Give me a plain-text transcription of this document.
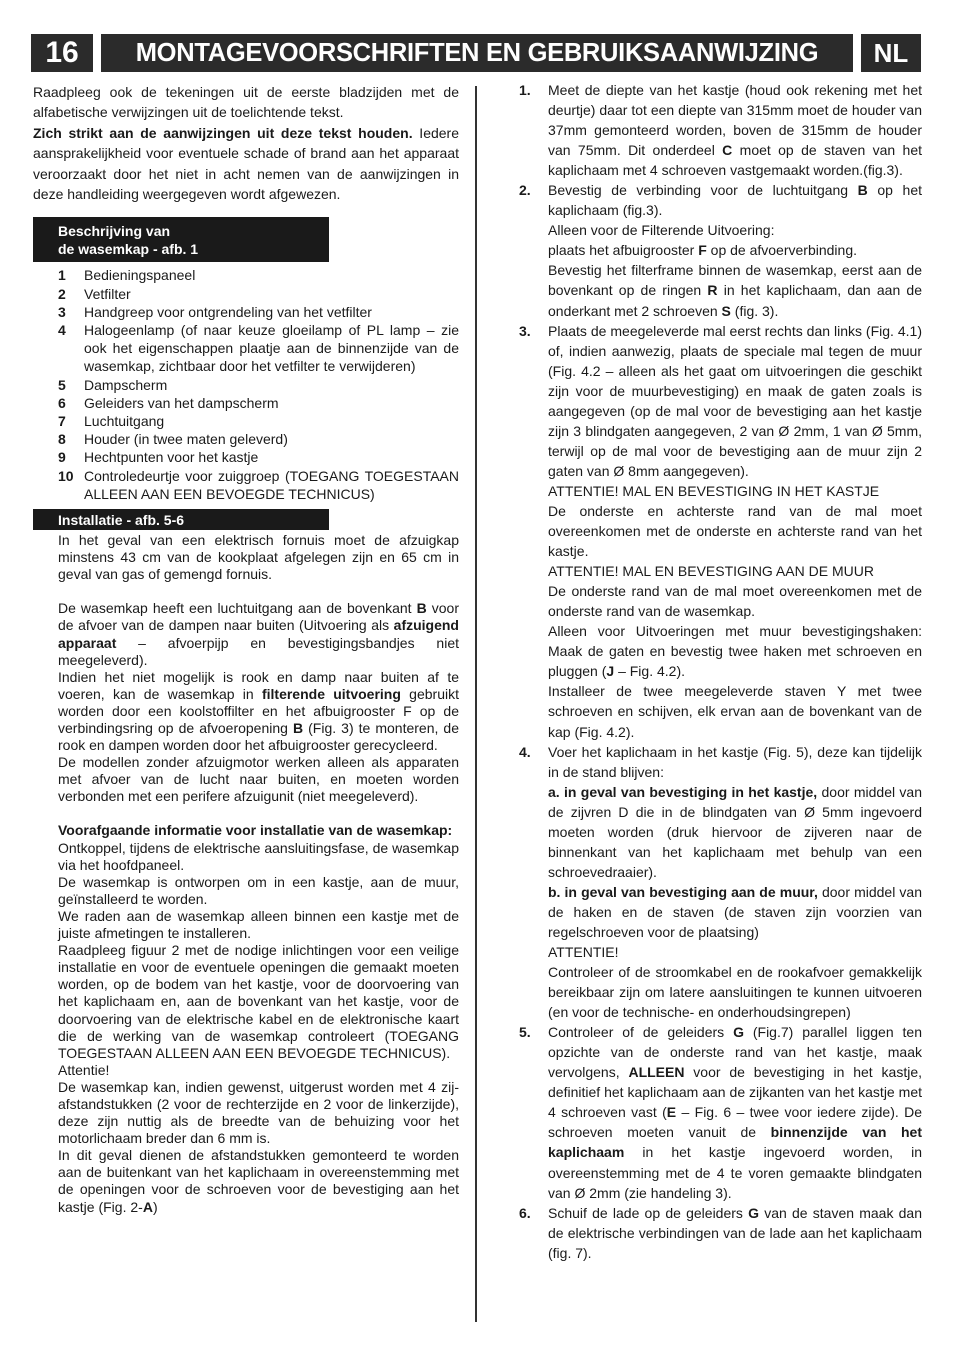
16 MONTAGEVOORSCHRIFTEN EN GEBRUIKSAANWIJZING NL

Raadpleeg ook de tekeningen uit de eerste bladzijden met de alfabetische verwijzingen uit de toelichtende tekst.

Zich strikt aan de aanwijzingen uit deze tekst houden. Iedere aansprakelijkheid voor eventuele schade of brand aan het apparaat veroorzaakt door het niet in acht nemen van de aanwijzingen in deze handleiding weergegeven wordt afgewezen.

Beschrijving van
de wasemkap - afb. 1
1	Bedieningspaneel
2	Vetfilter
3	Handgreep voor ontgrendeling van het vetfilter
4	Halogeenlamp (of naar keuze gloeilamp of PL lamp – zie ook het eigenschappen plaatje aan de binnenzijde van de wasemkap, zichtbaar door het vetfilter te verwijderen)
5	Dampscherm
6	Geleiders van het dampscherm
7	Luchtuitgang
8	Houder (in twee maten geleverd)
9	Hechtpunten voor het kastje
10 Controledeurtje voor zuiggroep (TOEGANG TOEGESTAAN ALLEEN AAN EEN BEVOEGDE TECHNICUS)
Installatie - afb. 5-6

In het geval van een elektrisch fornuis moet de afzuigkap minstens 43 cm van de kookplaat afgelegen zijn en 65 cm in geval van gas of gemengd fornuis.

De wasemkap heeft een luchtuitgang aan de bovenkant B voor de afvoer van de dampen naar buiten (Uitvoering als afzuigend apparaat – afvoerpijp en bevestigingsbandjes niet meegeleverd).

Indien het niet mogelijk is rook en damp naar buiten af te voeren, kan de wasemkap in filterende uitvoering gebruikt worden door een koolstoffilter en het afbuigrooster F op de verbindingsring op de afvoeropening B (Fig. 3) te monteren, de rook en dampen worden door het afbuigrooster gerecycleerd.

De modellen zonder afzuigmotor werken alleen als apparaten met afvoer van de lucht naar buiten, en moeten worden verbonden met een perifere afzuigunit (niet meegeleverd).

Voorafgaande informatie voor installatie van de wasemkap:

Ontkoppel, tijdens de elektrische aansluitingsfase, de wasemkap via het hoofdpaneel.

De wasemkap is ontworpen om in een kastje, aan de muur, geïnstalleerd te worden.

We raden aan de wasemkap alleen binnen een kastje met de juiste afmetingen te installeren.

Raadpleeg figuur 2 met de nodige inlichtingen voor een veilige installatie en voor de eventuele openingen die gemaakt moeten worden, op de bodem van het kastje, voor de doorvoering van het kaplichaam en, aan de bovenkant van het kastje, voor de doorvoering van de elektrische kabel en de elektronische kaart die de werking van de wasemkap controleert (TOEGANG TOEGESTAAN ALLEEN AAN EEN BEVOEGDE TECHNICUS).

Attentie!

De wasemkap kan, indien gewenst, uitgerust worden met 4 zij- afstandstukken (2 voor de rechterzijde en 2 voor de linkerzijde), deze zijn nuttig als de breedte van de behuizing voor het motorlichaam breder dan 6 mm is.

In dit geval dienen de afstandstukken gemonteerd te worden aan de buitenkant van het kaplichaam in overeenstemming met de openingen voor de schroeven voor de bevestiging aan het kastje (Fig. 2-A)

1.	Meet de diepte van het kastje (houd ook rekening met het deurtje) daar tot een diepte van 315mm moet de houder van 37mm gemonteerd worden, boven de 315mm de houder van 75mm. Dit onderdeel C moet op de staven van het kaplichaam met 4 schroeven vastgemaakt worden.(fig.3).
2.	Bevestig de verbinding voor de luchtuitgang B op het kaplichaam (fig.3).

Alleen voor de Filterende Uitvoering:

plaats het afbuigrooster F op de afvoerverbinding.

Bevestig het filterframe binnen de wasemkap, eerst aan de bovenkant op de ringen R in het kaplichaam, dan aan de onderkant met 2 schroeven S (fig. 3).

3.	Plaats de meegeleverde mal eerst rechts dan links (Fig. 4.1) of, indien aanwezig, plaats de speciale mal tegen de muur (Fig. 4.2 – alleen als het gaat om uitvoeringen die geschikt zijn voor de muurbevestiging) en maak de gaten zoals is aangegeven (op de mal voor de bevestiging aan het kastje zijn 3 blindgaten aangegeven, 2 van Ø 2mm, 1 van Ø 5mm, terwijl op de mal voor de bevestiging aan de muur zijn 2 gaten van Ø 8mm aangegeven).

ATTENTIE! MAL EN BEVESTIGING IN HET KASTJE

De onderste en achterste rand van de mal moet overeenkomen met de onderste en achterste rand van het kastje.

ATTENTIE! MAL EN BEVESTIGING AAN DE MUUR

De onderste rand van de mal moet overeenkomen met de onderste rand van de wasemkap.

Alleen voor Uitvoeringen met muur bevestigingshaken: Maak de gaten en bevestig twee haken met schroeven en pluggen (J – Fig. 4.2).

Installeer de twee meegeleverde staven Y met twee schroeven en schijven, elk ervan aan de bovenkant van de kap (Fig. 4.2).

4.	Voer het kaplichaam in het kastje (Fig. 5), deze kan tijdelijk in de stand blijven:

a. in geval van bevestiging in het kastje, door middel van de zijvren D die in de blindgaten van Ø 5mm ingevoerd moeten worden (druk hiervoor de zijveren naar de binnenkant van het kaplichaam met behulp van een schroevedraaier).

b. in geval van bevestiging aan de muur, door middel van de haken en de staven (de staven zijn voorzien van regelschroeven voor de plaatsing)

ATTENTIE!

Controleer of de stroomkabel en de rookafvoer gemakkelijk bereikbaar zijn om latere aansluitingen te kunnen uitvoeren (en voor de technische- en onderhoudsingrepen)

5.	Controleer of de geleiders G (Fig.7) parallel liggen ten opzichte van de onderste rand van het kastje, maak vervolgens, ALLEEN voor de bevestiging in het kastje, definitief het kaplichaam aan de zijkanten van het kastje met 4 schroeven vast (E – Fig. 6 – twee voor iedere zijde). De schroeven moeten vanuit de binnenzijde van het kaplichaam in het kastje ingevoerd worden, in overeenstemming met de 4 te voren gemaakte blindgaten van Ø 2mm (zie handeling 3).
6.	Schuif de lade op de geleiders G van de staven maak dan de elektrische verbindingen van de lade aan het kaplichaam (fig. 7).
